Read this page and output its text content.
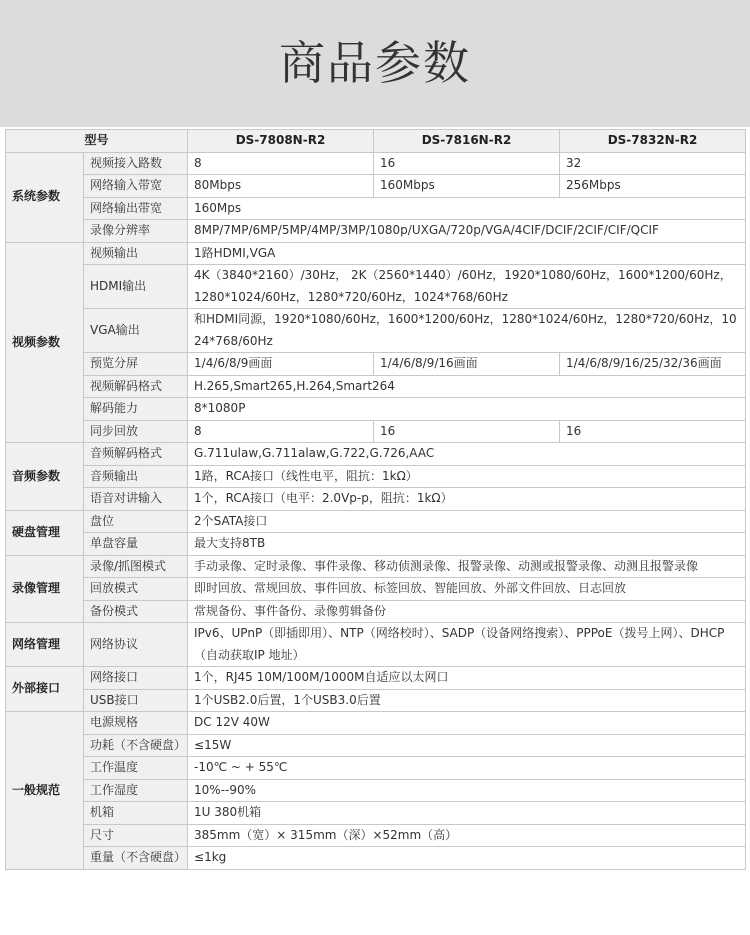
商品参数
型号		DS-7808N-R2	DS-7816N-R2	DS-7832N-R2
系统参数	视频接入路数	8	16	32
	网络输入带宽	80Mbps	160Mbps	256Mbps
	网络输出带宽	160Mps		
	录像分辨率	8MP/7MP/6MP/5MP/4MP/3MP/1080p/UXGA/720p/VGA/4CIF/DCIF/2CIF/CIF/QCIF		
视频参数	视频输出	1路HDMI,VGA		
	HDMI输出	4K（3840*2160）/30Hz， 2K（2560*1440）/60Hz，1920*1080/60Hz，1600*1200/60Hz，1280*1024/60Hz，1280*720/60Hz，1024*768/60Hz		
	VGA输出	和HDMI同源，1920*1080/60Hz，1600*1200/60Hz，1280*1024/60Hz，1280*720/60Hz，1024*768/60Hz		
	预览分屏	1/4/6/8/9画面	1/4/6/8/9/16画面	1/4/6/8/9/16/25/32/36画面
	视频解码格式	H.265,Smart265,H.264,Smart264		
	解码能力	8*1080P		
	同步回放	8	16	16
音频参数	音频解码格式	G.711ulaw,G.711alaw,G.722,G.726,AAC		
	音频输出	1路，RCA接口（线性电平，阻抗：1kΩ）		
	语音对讲输入	1个，RCA接口（电平：2.0Vp-p，阻抗：1kΩ）		
硬盘管理	盘位	2个SATA接口		
	单盘容量	最大支持8TB		
录像管理	录像/抓图模式	手动录像、定时录像、事件录像、移动侦测录像、报警录像、动测或报警录像、动测且报警录像		
	回放模式	即时回放、常规回放、事件回放、标签回放、智能回放、外部文件回放、日志回放		
	备份模式	常规备份、事件备份、录像剪辑备份		
网络管理	网络协议	IPv6、UPnP（即插即用）、NTP（网络校时）、SADP（设备网络搜索）、PPPoE（拨号上网）、DHCP（自动获取IP 地址）		
外部接口	网络接口	1个，RJ45 10M/100M/1000M自适应以太网口		
	USB接口	1个USB2.0后置，1个USB3.0后置		
一般规范	电源规格	DC 12V 40W		
	功耗（不含硬盘）	≤15W		
	工作温度	-10℃ ~ + 55℃		
	工作湿度	10%--90%		
	机箱	1U 380机箱		
	尺寸	385mm（宽）× 315mm（深）×52mm（高）		
	重量（不含硬盘）	≤1kg		
